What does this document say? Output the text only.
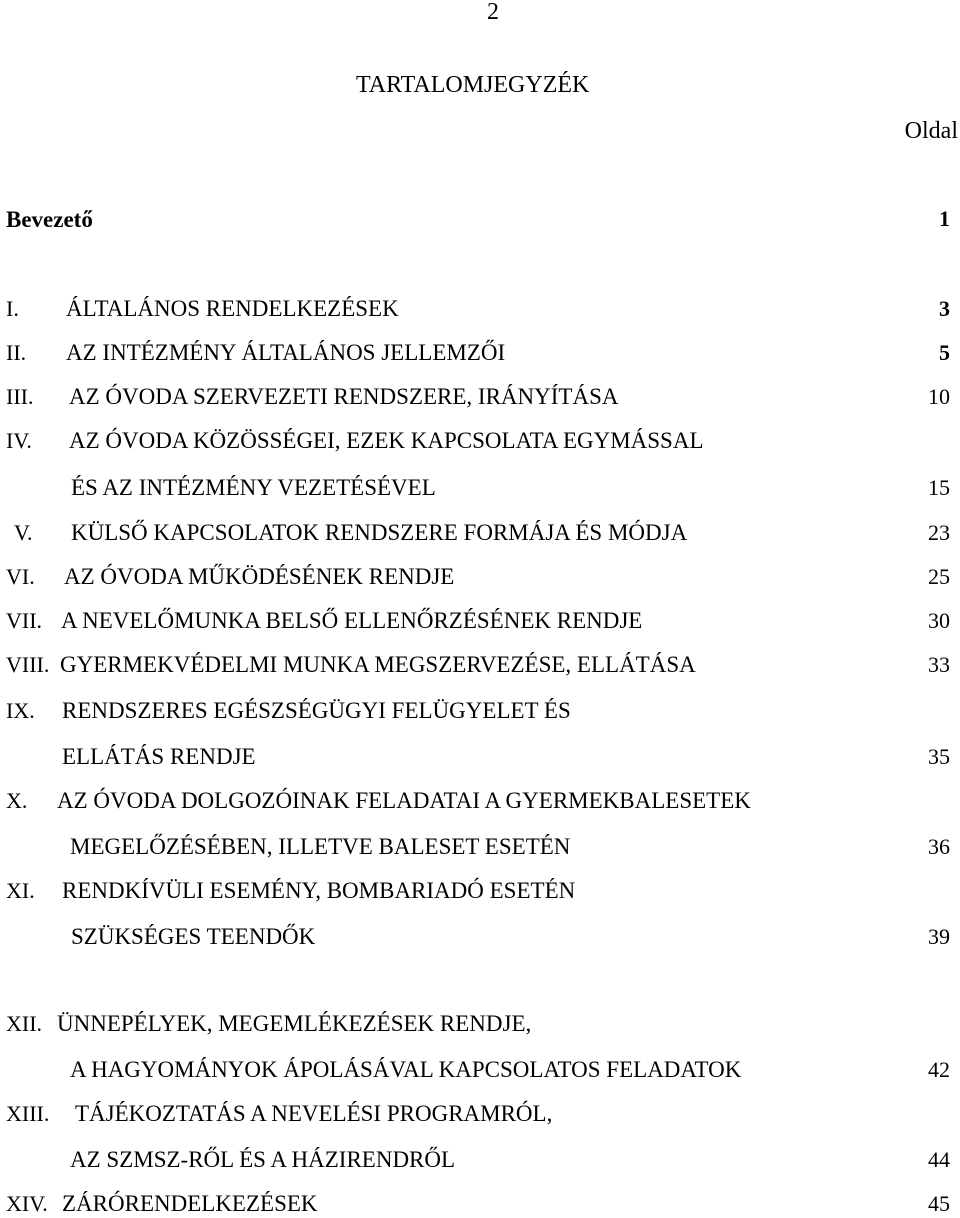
2
TARTALOMJEGYZÉK
Oldal
Bevezető	1
I. ÁLTALÁNOS RENDELKEZÉSEK	3
II. AZ INTÉZMÉNY ÁLTALÁNOS JELLEMZŐI	5
III. AZ ÓVODA SZERVEZETI RENDSZERE, IRÁNYÍTÁSA	10
IV. AZ ÓVODA KÖZÖSSÉGEI, EZEK KAPCSOLATA EGYMÁSSAL
ÉS AZ INTÉZMÉNY VEZETÉSÉVEL	15
V. KÜLSŐ KAPCSOLATOK RENDSZERE FORMÁJA ÉS MÓDJA	23
VI. AZ ÓVODA MŰKÖDÉSÉNEK RENDJE	25
VII. A NEVELŐMUNKA BELSŐ ELLENŐRZÉSÉNEK RENDJE	30
VIII. GYERMEKVÉDELMI MUNKA MEGSZERVEZÉSE, ELLÁTÁSA	33
IX. RENDSZERES EGÉSZSÉGÜGYI FELÜGYELET ÉS
ELLÁTÁS RENDJE	35
X. AZ ÓVODA DOLGOZÓINAK FELADATAI A GYERMEKBALESETEK
MEGELŐZÉSÉBEN, ILLETVE BALESET ESETÉN	36
XI. RENDKÍVÜLI ESEMÉNY, BOMBARIADÓ ESETÉN
SZÜKSÉGES TEENDŐK	39
XII. ÜNNEPÉLYEK, MEGEMLÉKEZÉSEK RENDJE,
A HAGYOMÁNYOK ÁPOLÁSÁVAL KAPCSOLATOS FELADATOK	42
XIII. TÁJÉKOZTATÁS A NEVELÉSI PROGRAMRÓL,
AZ SZMSZ-RŐL ÉS A HÁZIRENDRŐL	44
XIV. ZÁRÓRENDELKEZÉSEK	45
